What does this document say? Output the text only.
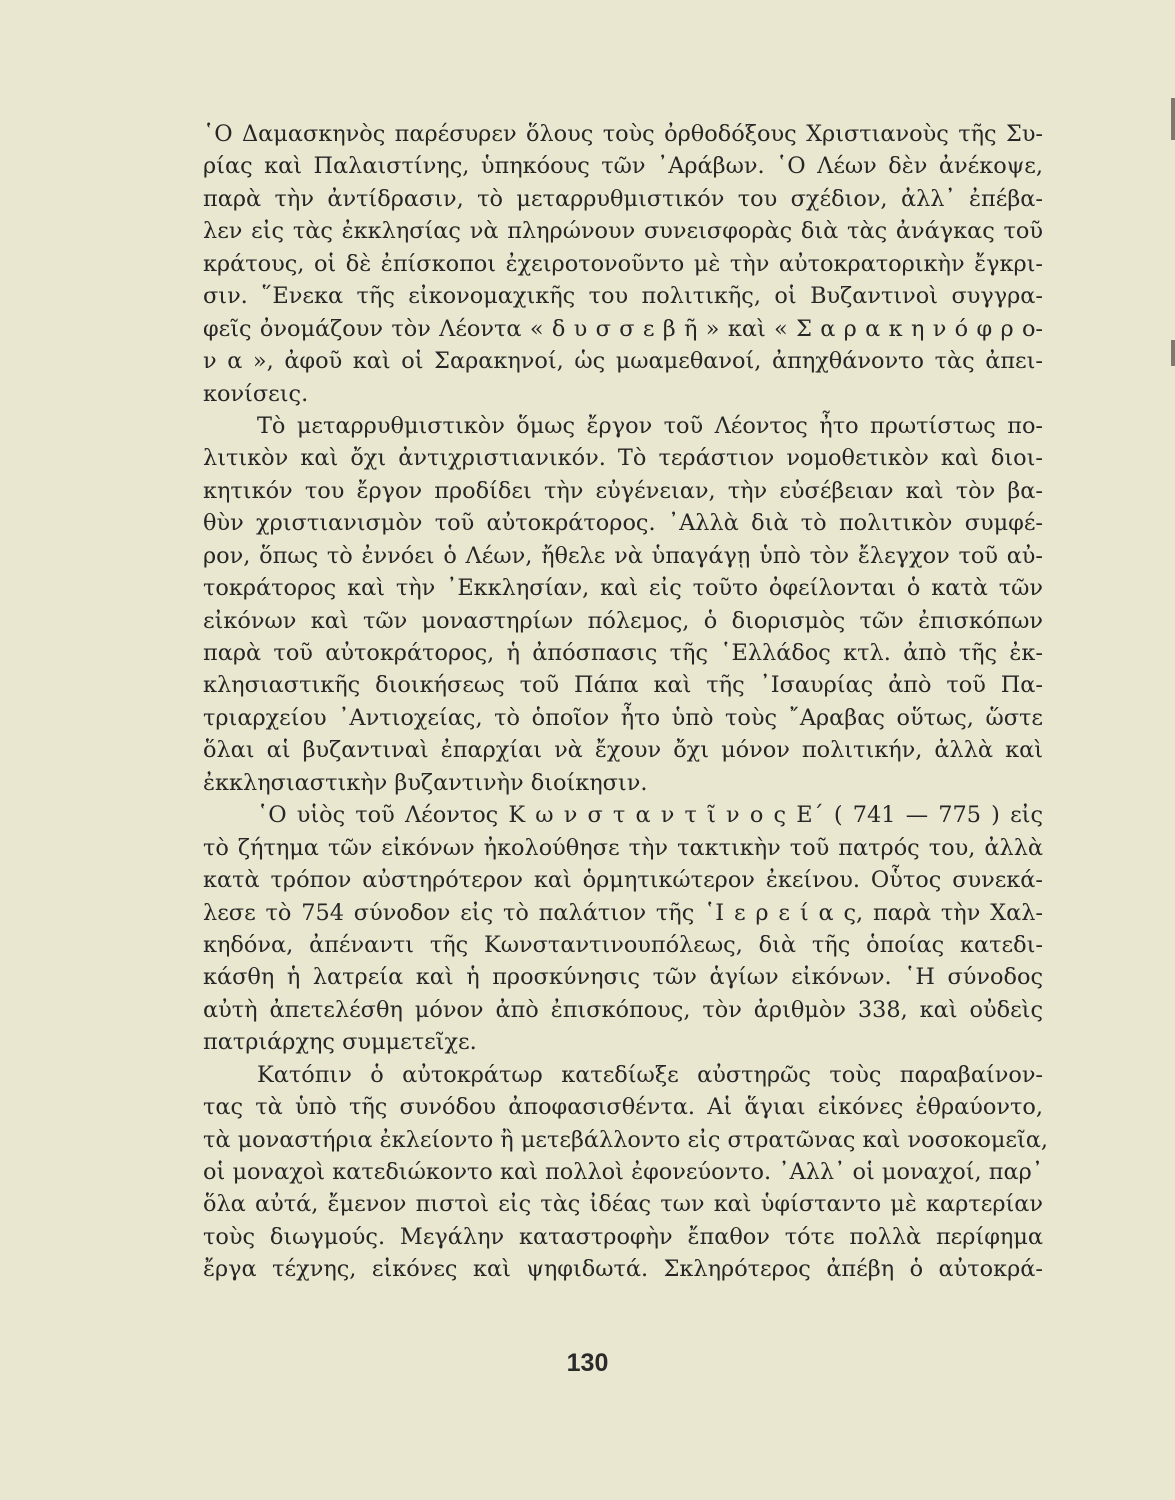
῾Ο Δαμασκηνὸς παρέσυρεν ὅλους τοὺς ὀρθοδόξους Χριστιανοὺς τῆς Συ-
ρίας καὶ Παλαιστίνης, ὑπηκόους τῶν ᾿Αράβων. ῾Ο Λέων δὲν ἀνέκοψε,
παρὰ τὴν ἀντίδρασιν, τὸ μεταρρυθμιστικόν του σχέδιον, ἀλλ᾿ ἐπέβα-
λεν εἰς τὰς ἐκκλησίας νὰ πληρώνουν συνεισφορὰς διὰ τὰς ἀνάγκας τοῦ
κράτους, οἱ δὲ ἐπίσκοποι ἐχειροτονοῦντο μὲ τὴν αὐτοκρατορικὴν ἔγκρι-
σιν. ῞Ενεκα τῆς εἰκονομαχικῆς του πολιτικῆς, οἱ Βυζαντινοὶ συγγρα-
φεῖς ὀνομάζουν τὸν Λέοντα « δ υ σ σ ε β ῆ » καὶ « Σ α ρ α κ η ν ό φ ρ ο-
ν α », ἀφοῦ καὶ οἱ Σαρακηνοί, ὡς μωαμεθανοί, ἀπηχθάνοντο τὰς ἀπει-
κονίσεις.
Τὸ μεταρρυθμιστικὸν ὅμως ἔργον τοῦ Λέοντος ἦτο πρωτίστως πο-
λιτικὸν καὶ ὄχι ἀντιχριστιανικόν. Τὸ τεράστιον νομοθετικὸν καὶ διοι-
κητικόν του ἔργον προδίδει τὴν εὐγένειαν, τὴν εὐσέβειαν καὶ τὸν βα-
θὺν χριστιανισμὸν τοῦ αὐτοκράτορος. ᾿Αλλὰ διὰ τὸ πολιτικὸν συμφέ-
ρον, ὅπως τὸ ἐννόει ὁ Λέων, ἤθελε νὰ ὑπαγάγῃ ὑπὸ τὸν ἔλεγχον τοῦ αὐ-
τοκράτορος καὶ τὴν ᾿Εκκλησίαν, καὶ εἰς τοῦτο ὀφείλονται ὁ κατὰ τῶν
εἰκόνων καὶ τῶν μοναστηρίων πόλεμος, ὁ διορισμὸς τῶν ἐπισκόπων
παρὰ τοῦ αὐτοκράτορος, ἡ ἀπόσπασις τῆς ῾Ελλάδος κτλ. ἀπὸ τῆς ἐκ-
κλησιαστικῆς διοικήσεως τοῦ Πάπα καὶ τῆς ᾿Ισαυρίας ἀπὸ τοῦ Πα-
τριαρχείου ᾿Αντιοχείας, τὸ ὁποῖον ἦτο ὑπὸ τοὺς ῎Αραβας οὕτως, ὥστε
ὅλαι αἱ βυζαντιναὶ ἐπαρχίαι νὰ ἔχουν ὄχι μόνον πολιτικήν, ἀλλὰ καὶ
ἐκκλησιαστικὴν βυζαντινὴν διοίκησιν.
῾Ο υἱὸς τοῦ Λέοντος Κ ω ν σ τ α ν τ ῖ ν ο ς Ε΄ ( 741 — 775 ) εἰς
τὸ ζήτημα τῶν εἰκόνων ἠκολούθησε τὴν τακτικὴν τοῦ πατρός του, ἀλλὰ
κατὰ τρόπον αὐστηρότερον καὶ ὁρμητικώτερον ἐκείνου. Οὗτος συνεκά-
λεσε τὸ 754 σύνοδον εἰς τὸ παλάτιον τῆς ῾Ι ε ρ ε ί α ς, παρὰ τὴν Χαλ-
κηδόνα, ἀπέναντι τῆς Κωνσταντινουπόλεως, διὰ τῆς ὁποίας κατεδι-
κάσθη ἡ λατρεία καὶ ἡ προσκύνησις τῶν ἁγίων εἰκόνων. ῾Η σύνοδος
αὐτὴ ἀπετελέσθη μόνον ἀπὸ ἐπισκόπους, τὸν ἀριθμὸν 338, καὶ οὐδεὶς
πατριάρχης συμμετεῖχε.
Κατόπιν ὁ αὐτοκράτωρ κατεδίωξε αὐστηρῶς τοὺς παραβαίνον-
τας τὰ ὑπὸ τῆς συνόδου ἀποφασισθέντα. Αἱ ἅγιαι εἰκόνες ἐθραύοντο,
τὰ μοναστήρια ἐκλείοντο ἢ μετεβάλλοντο εἰς στρατῶνας καὶ νοσοκομεῖα,
οἱ μοναχοὶ κατεδιώκοντο καὶ πολλοὶ ἐφονεύοντο. ᾿Αλλ᾿ οἱ μοναχοί, παρ᾿
ὅλα αὐτά, ἔμενον πιστοὶ εἰς τὰς ἰδέας των καὶ ὑφίσταντο μὲ καρτερίαν
τοὺς διωγμούς. Μεγάλην καταστροφὴν ἔπαθον τότε πολλὰ περίφημα
ἔργα τέχνης, εἰκόνες καὶ ψηφιδωτά. Σκληρότερος ἀπέβη ὁ αὐτοκρά-
130
